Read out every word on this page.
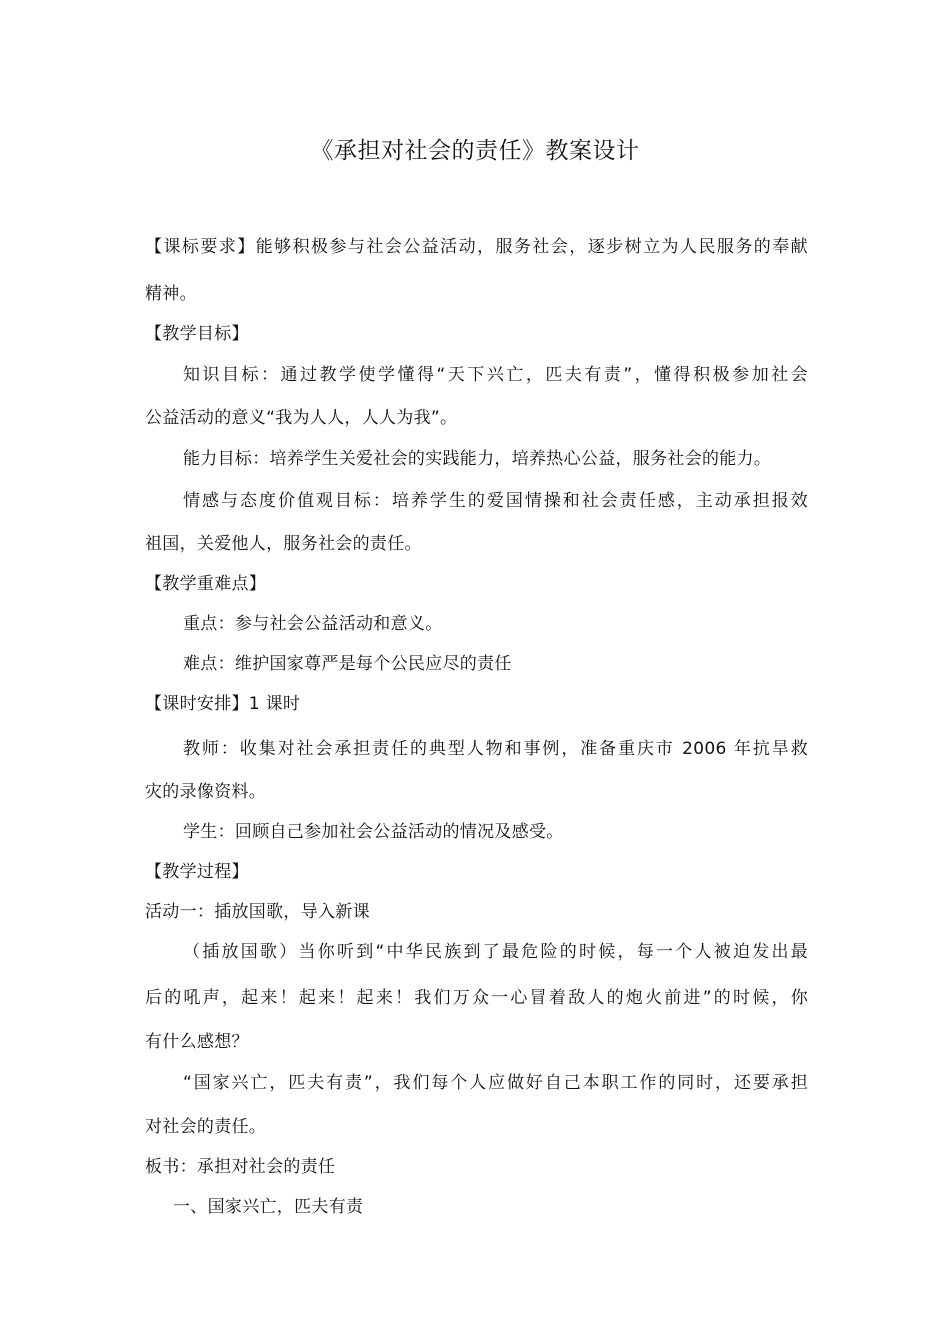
《承担对社会的责任》教案设计
【课标要求】能够积极参与社会公益活动，服务社会，逐步树立为人民服务的奉献
精神。
【教学目标】
知识目标：通过教学使学懂得“天下兴亡，匹夫有责”，懂得积极参加社会
公益活动的意义“我为人人，人人为我”。
能力目标：培养学生关爱社会的实践能力，培养热心公益，服务社会的能力。
情感与态度价值观目标：培养学生的爱国情操和社会责任感，主动承担报效
祖国，关爱他人，服务社会的责任。
【教学重难点】
重点：参与社会公益活动和意义。
难点：维护国家尊严是每个公民应尽的责任
【课时安排】1 课时
教师：收集对社会承担责任的典型人物和事例，准备重庆市 2006 年抗旱救
灾的录像资料。
学生：回顾自己参加社会公益活动的情况及感受。
【教学过程】
活动一：插放国歌，导入新课
（插放国歌）当你听到“中华民族到了最危险的时候，每一个人被迫发出最
后的吼声，起来！起来！起来！我们万众一心冒着敌人的炮火前进”的时候，你
有什么感想？
“国家兴亡，匹夫有责”，我们每个人应做好自己本职工作的同时，还要承担
对社会的责任。
板书：承担对社会的责任
一、国家兴亡，匹夫有责
